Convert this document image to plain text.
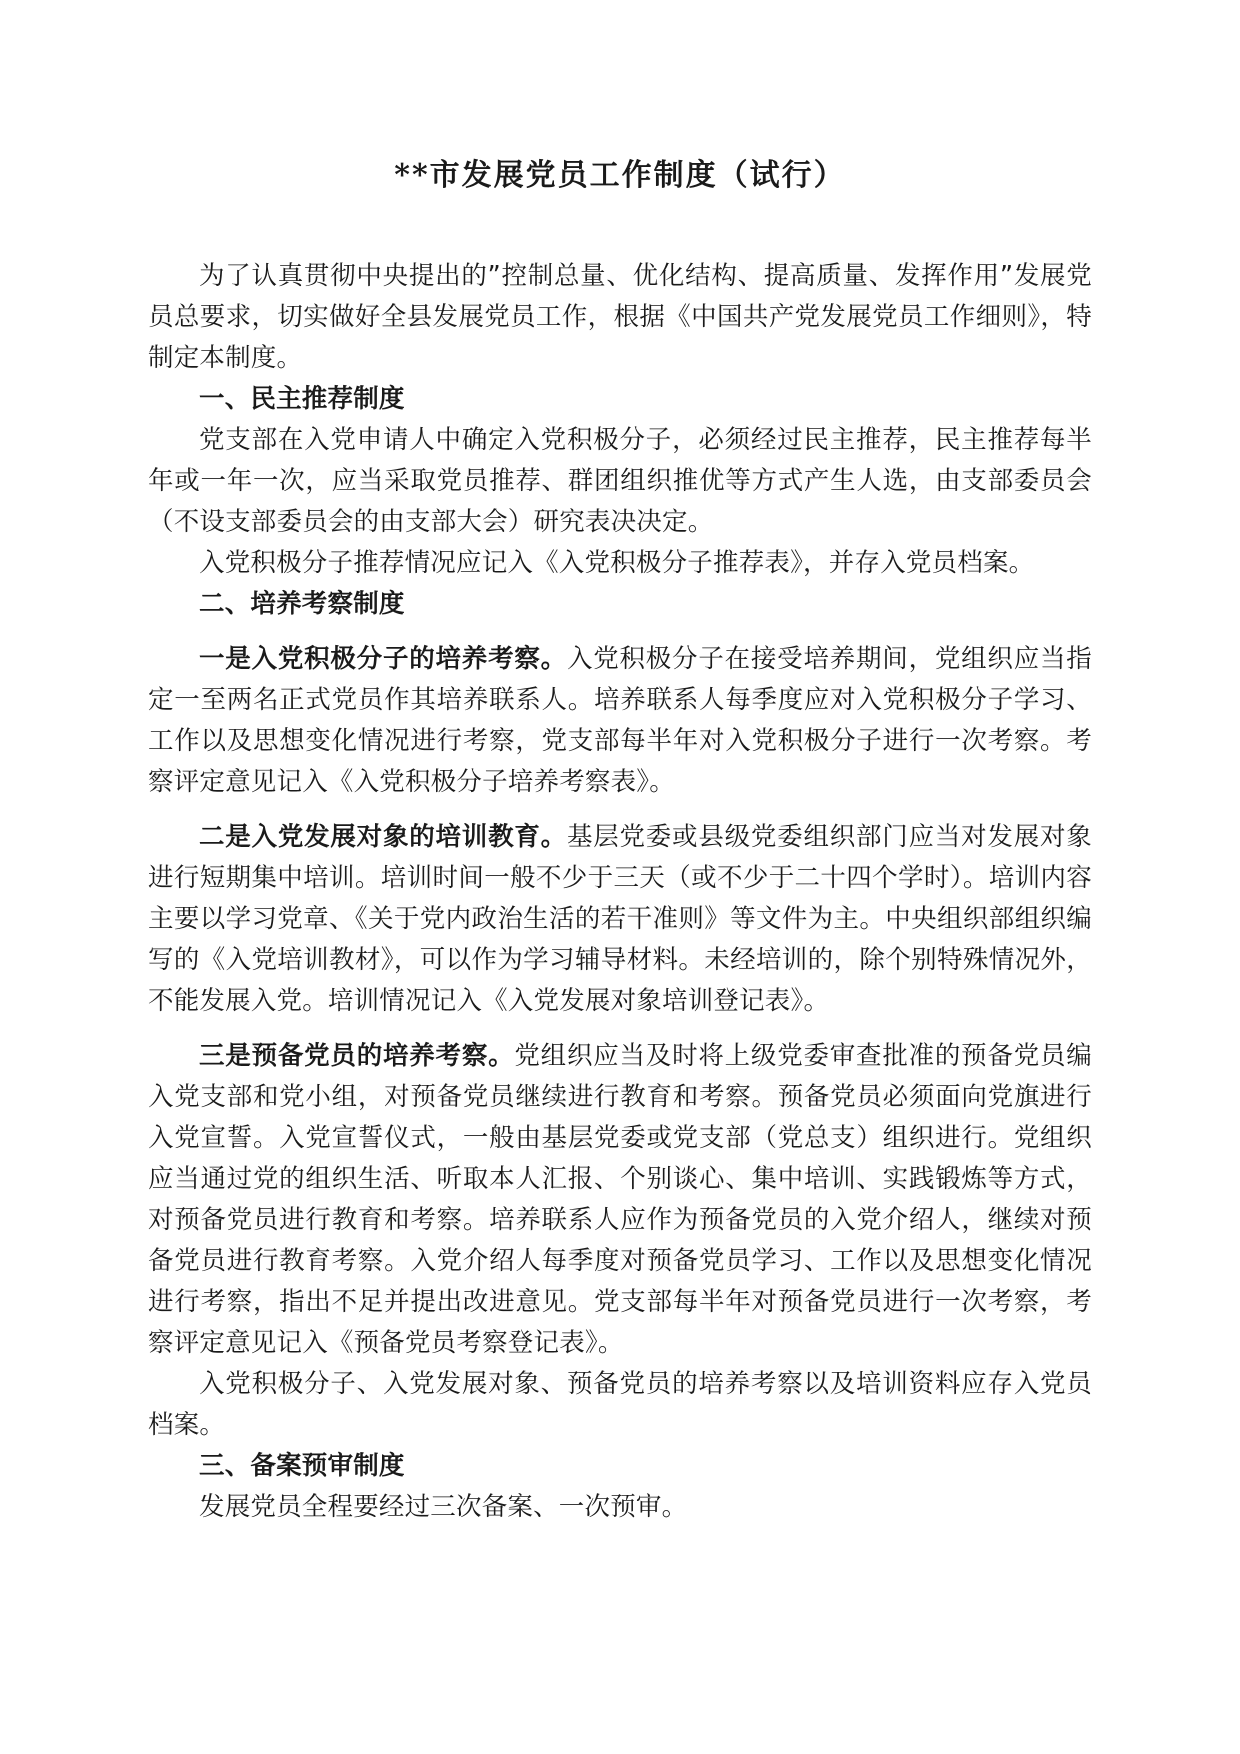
**市发展党员工作制度（试行）

为了认真贯彻中央提出的”控制总量、优化结构、提高质量、发挥作用”发展党员总要求，切实做好全县发展党员工作，根据《中国共产党发展党员工作细则》，特制定本制度。

一、民主推荐制度

党支部在入党申请人中确定入党积极分子，必须经过民主推荐，民主推荐每半年或一年一次，应当采取党员推荐、群团组织推优等方式产生人选，由支部委员会（不设支部委员会的由支部大会）研究表决决定。

入党积极分子推荐情况应记入《入党积极分子推荐表》，并存入党员档案。

二、培养考察制度

一是入党积极分子的培养考察。入党积极分子在接受培养期间，党组织应当指定一至两名正式党员作其培养联系人。培养联系人每季度应对入党积极分子学习、工作以及思想变化情况进行考察，党支部每半年对入党积极分子进行一次考察。考察评定意见记入《入党积极分子培养考察表》。

二是入党发展对象的培训教育。基层党委或县级党委组织部门应当对发展对象进行短期集中培训。培训时间一般不少于三天（或不少于二十四个学时）。培训内容主要以学习党章、《关于党内政治生活的若干准则》等文件为主。中央组织部组织编写的《入党培训教材》，可以作为学习辅导材料。未经培训的，除个别特殊情况外，不能发展入党。培训情况记入《入党发展对象培训登记表》。

三是预备党员的培养考察。党组织应当及时将上级党委审查批准的预备党员编入党支部和党小组，对预备党员继续进行教育和考察。预备党员必须面向党旗进行入党宣誓。入党宣誓仪式，一般由基层党委或党支部（党总支）组织进行。党组织应当通过党的组织生活、听取本人汇报、个别谈心、集中培训、实践锻炼等方式，对预备党员进行教育和考察。培养联系人应作为预备党员的入党介绍人，继续对预备党员进行教育考察。入党介绍人每季度对预备党员学习、工作以及思想变化情况进行考察，指出不足并提出改进意见。党支部每半年对预备党员进行一次考察，考察评定意见记入《预备党员考察登记表》。

入党积极分子、入党发展对象、预备党员的培养考察以及培训资料应存入党员档案。

三、备案预审制度

发展党员全程要经过三次备案、一次预审。
